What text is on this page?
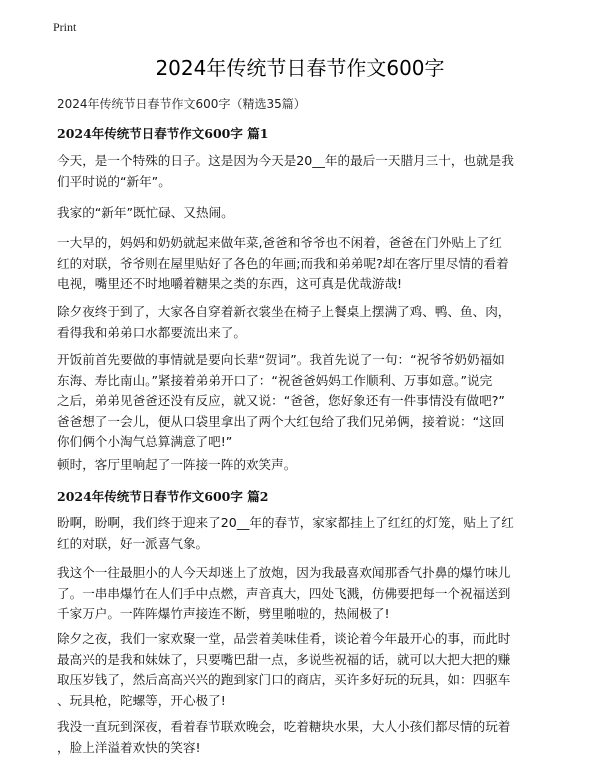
Print
2024年传统节日春节作文600字
2024年传统节日春节作文600字（精选35篇）
2024年传统节日春节作文600字 篇1
今天，是一个特殊的日子。这是因为今天是20__年的最后一天腊月三十，也就是我
们平时说的“新年”。
我家的“新年”既忙碌、又热闹。
一大早的，妈妈和奶奶就起来做年菜,爸爸和爷爷也不闲着，爸爸在门外贴上了红
红的对联，爷爷则在屋里贴好了各色的年画;而我和弟弟呢?却在客厅里尽情的看着
电视，嘴里还不时地嚼着糖果之类的东西，这可真是优哉游哉!
除夕夜终于到了，大家各自穿着新衣裳坐在椅子上餐桌上摆满了鸡、鸭、鱼、肉，
看得我和弟弟口水都要流出来了。
开饭前首先要做的事情就是要向长辈“贺词”。我首先说了一句：“祝爷爷奶奶福如
东海、寿比南山。”紧接着弟弟开口了：“祝爸爸妈妈工作顺利、万事如意。”说完
之后，弟弟见爸爸还没有反应，就又说：“爸爸，您好象还有一件事情没有做吧?”
爸爸想了一会儿，便从口袋里拿出了两个大红包给了我们兄弟俩，接着说：“这回
你们俩个小淘气总算满意了吧!”
顿时，客厅里响起了一阵接一阵的欢笑声。
2024年传统节日春节作文600字 篇2
盼啊，盼啊，我们终于迎来了20__年的春节，家家都挂上了红红的灯笼，贴上了红
红的对联，好一派喜气象。
我这个一往最胆小的人今天却迷上了放炮，因为我最喜欢闻那香气扑鼻的爆竹味儿
了。一串串爆竹在人们手中点燃，声音真大，四处飞溅，仿佛要把每一个祝福送到
千家万户。一阵阵爆竹声接连不断，劈里啪啦的，热闹极了!
除夕之夜，我们一家欢聚一堂，品尝着美味佳肴，谈论着今年最开心的事，而此时
最高兴的是我和妹妹了，只要嘴巴甜一点，多说些祝福的话，就可以大把大把的赚
取压岁钱了，然后高高兴兴的跑到家门口的商店，买许多好玩的玩具，如：四驱车
、玩具枪，陀螺等，开心极了!
我没一直玩到深夜，看着春节联欢晚会，吃着糖块水果，大人小孩们都尽情的玩着
，脸上洋溢着欢快的笑容!
